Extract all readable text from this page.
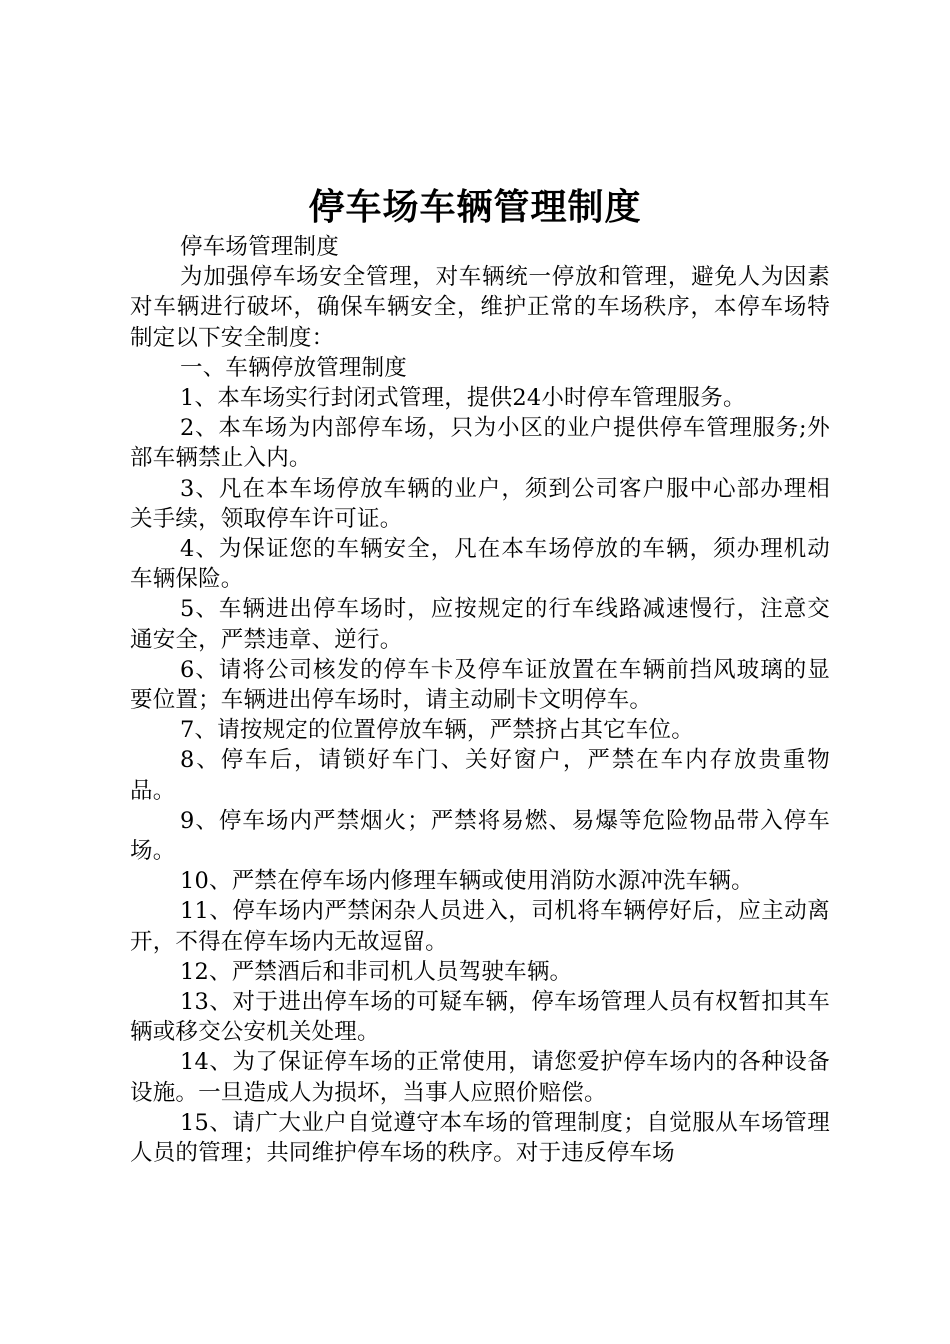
停车场车辆管理制度

停车场管理制度

为加强停车场安全管理，对车辆统一停放和管理，避免人为因素对车辆进行破坏，确保车辆安全，维护正常的车场秩序，本停车场特制定以下安全制度：

一、车辆停放管理制度

1、本车场实行封闭式管理，提供24小时停车管理服务。

2、本车场为内部停车场，只为小区的业户提供停车管理服务;外部车辆禁止入内。

3、凡在本车场停放车辆的业户，须到公司客户服中心部办理相关手续，领取停车许可证。

4、为保证您的车辆安全，凡在本车场停放的车辆，须办理机动车辆保险。

5、车辆进出停车场时，应按规定的行车线路减速慢行，注意交通安全，严禁违章、逆行。

6、请将公司核发的停车卡及停车证放置在车辆前挡风玻璃的显要位置；车辆进出停车场时，请主动刷卡文明停车。

7、请按规定的位置停放车辆，严禁挤占其它车位。

8、停车后，请锁好车门、关好窗户，严禁在车内存放贵重物品。

9、停车场内严禁烟火；严禁将易燃、易爆等危险物品带入停车场。

10、严禁在停车场内修理车辆或使用消防水源冲洗车辆。

11、停车场内严禁闲杂人员进入，司机将车辆停好后，应主动离开，不得在停车场内无故逗留。

12、严禁酒后和非司机人员驾驶车辆。

13、对于进出停车场的可疑车辆，停车场管理人员有权暂扣其车辆或移交公安机关处理。

14、为了保证停车场的正常使用，请您爱护停车场内的各种设备设施。一旦造成人为损坏，当事人应照价赔偿。

15、请广大业户自觉遵守本车场的管理制度；自觉服从车场管理人员的管理；共同维护停车场的秩序。对于违反停车场
